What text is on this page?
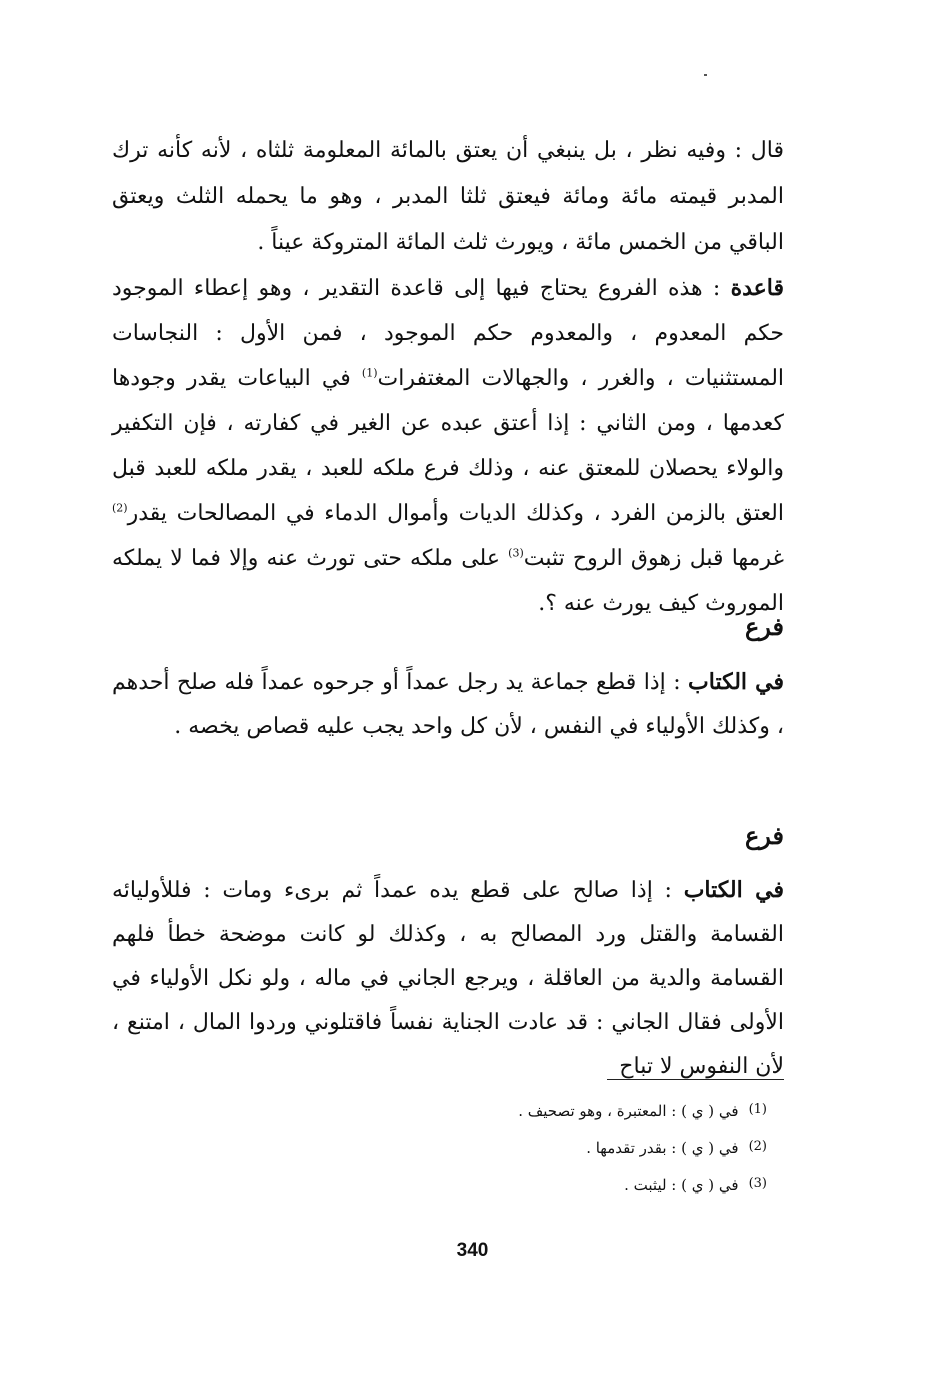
قال : وفيه نظر ، بل ينبغي أن يعتق بالمائة المعلومة ثلثاه ، لأنه كأنه ترك المدبر قيمته مائة ومائة فيعتق ثلثا المدبر ، وهو ما يحمله الثلث ويعتق الباقي من الخمس مائة ، ويورث ثلث المائة المتروكة عيناً .

قاعدة : هذه الفروع يحتاج فيها إلى قاعدة التقدير ، وهو إعطاء الموجود حكم المعدوم ، والمعدوم حكم الموجود ، فمن الأول : النجاسات المستثنيات ، والغرر ، والجهالات المغتفرات$^{(1)}$ في البياعات يقدر وجودها كعدمها ، ومن الثاني : إذا أعتق عبده عن الغير في كفارته ، فإن التكفير والولاء يحصلان للمعتق عنه ، وذلك فرع ملكه للعبد ، يقدر ملكه للعبد قبل العتق بالزمن الفرد ، وكذلك الديات وأموال الدماء في المصالحات يقدر$^{(2)}$ غرمها قبل زهوق الروح تثبت$^{(3)}$ على ملكه حتى تورث عنه وإلا فما لا يملكه الموروث كيف يورث عنه ؟.

فرع

في الكتاب : إذا قطع جماعة يد رجل عمداً أو جرحوه عمداً فله صلح أحدهم ، وكذلك الأولياء في النفس ، لأن كل واحد يجب عليه قصاص يخصه .

فرع

في الكتاب : إذا صالح على قطع يده عمداً ثم برىء ومات : فللأوليائه القسامة والقتل ورد المصالح به ، وكذلك لو كانت موضحة خطأ فلهم القسامة والدية من العاقلة ، ويرجع الجاني في ماله ، ولو نكل الأولياء في الأولى فقال الجاني : قد عادت الجناية نفساً فاقتلوني وردوا المال ، امتنع ، لأن النفوس لا تباح

(1)
في ( ي ) : المعتبرة ، وهو تصحيف .
(2)
في ( ي ) : بقدر تقدمها .
(3)
في ( ي ) : ليثبت .
340
